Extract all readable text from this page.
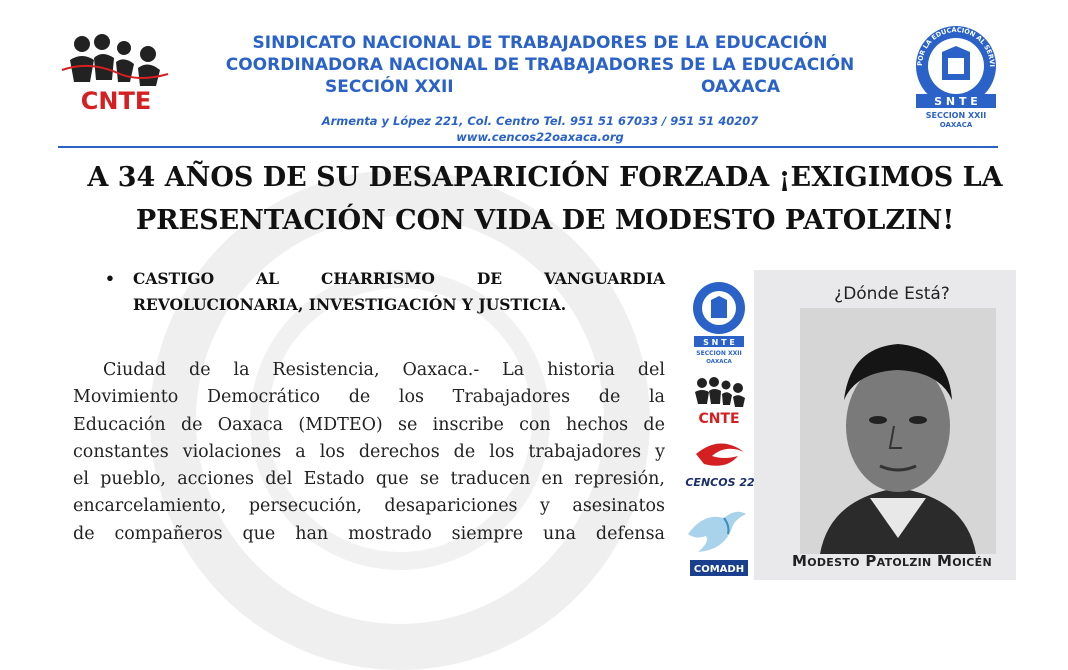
CNTE
SINDICATO NACIONAL DE TRABAJADORES DE LA EDUCACIÓN
COORDINADORA NACIONAL DE TRABAJADORES DE LA EDUCACIÓN
SECCIÓN XXII	OAXACA
Armenta y López 221, Col. Centro Tel. 951 51 67033 / 951 51 40207
www.cencos22oaxaca.org
POR LA EDUCACIÓN AL SERVI
S N T E
SECCION XXII
OAXACA
A 34 AÑOS DE SU DESAPARICIÓN FORZADA ¡EXIGIMOS LA
PRESENTACIÓN CON VIDA DE MODESTO PATOLZIN!
• CASTIGO AL CHARRISMO DE VANGUARDIA
REVOLUCIONARIA, INVESTIGACIÓN Y JUSTICIA.
Ciudad de la Resistencia, Oaxaca.- La historia del
Movimiento Democrático de los Trabajadores de la
Educación de Oaxaca (MDTEO) se inscribe con hechos de
constantes violaciones a los derechos de los trabajadores y
el pueblo, acciones del Estado que se traducen en represión,
encarcelamiento, persecución, desapariciones y asesinatos
de compañeros que han mostrado siempre una defensa
S N T E
SECCION XXII
OAXACA
CNTE
CENCOS 22
COMADH
¿Dónde Está?
Modesto Patolzin Moicén
